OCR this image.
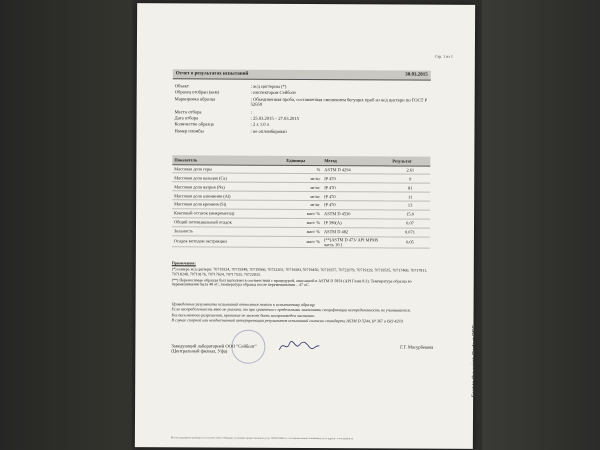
Стр. 1 из 1
Отчет о результатах испытаний	30.03.2015
Объект	: ж/д цистерны (*)
Образец отобран (кем)	: инспектором Сейболт
Маркировка образца	: Объединенная проба, составленная смешением бегущих проб из ж/д цистерн по ГОСТ Р 52659
Место отбора	:
Дата отбора	: 25.03.2015 – 27.03.2015
Количество образца	: 2 x 1.0 л
Номер пломбы	: не опломбирован
Показатель	Единицы	Метод	Результат
Массовая доля серы	%	ASTM D 4294	2.61
Массовая доля кальция (Ca)	мг/кг	IP 470	9
Массовая доля натрия (Na)	мг/кг	IP 470	81
Массовая доля алюминия (Al)	мг/кг	IP 470	11
Массовая доля кремния (Si)	мг/кг	IP 470	13
Коксовый остаток (микрометод)	масс %	ASTM D 4530	15.0
Общий потенциальный осадок	масс %	IP 390(А)	0.07
Зольность	масс %	ASTM D 482	0.071
Осадок методом экстракции	масс %	(**)ASTM D 473/ API MPMS часть 10.1	0.05

Примечание:

(*) номера ж/д цистерн: 70719224, 70719348, 70719566, 70722202, 70719281,70719450, 70719257, 70722079, 70719129, 70719535, 70717460, 70717811, 70718248, 70719176, 70717624, 70717533, 70722833.

(**) Переносимые образцы был выполнен в соответствии с процедурой, описанной в ASTM D 5854 (API Глава 8.3). Температура образца во перемешивания была 48 оС, температура образца после перемешивания – 47 оС.

Приведенные результаты испытаний относятся только к испытанному образцу.

Если неопределенность явно не указана, то при сравнении с предельными значениями спецификации неопределенность не учитывается.

Без письменного разрешения, протокол не может быть воспроизведен частично.

В случае спорной или неоднозначной интерпретации результатов испытаний согласно стандарта ASTM D 3244, IP 367 и ISO 4259.

Заведующий лабораторией ООО "Сейболт"	Г.Г. Масурбекова
(Центральный филиал, Уфа)
Все исследования проводятся в соответствии с Общими условиями предоставления услуг ООО Сейболт, с которыми можно ознакомиться по адресу: www.saybolt.ru
Fast.to.the.point. Perfect.PDF
